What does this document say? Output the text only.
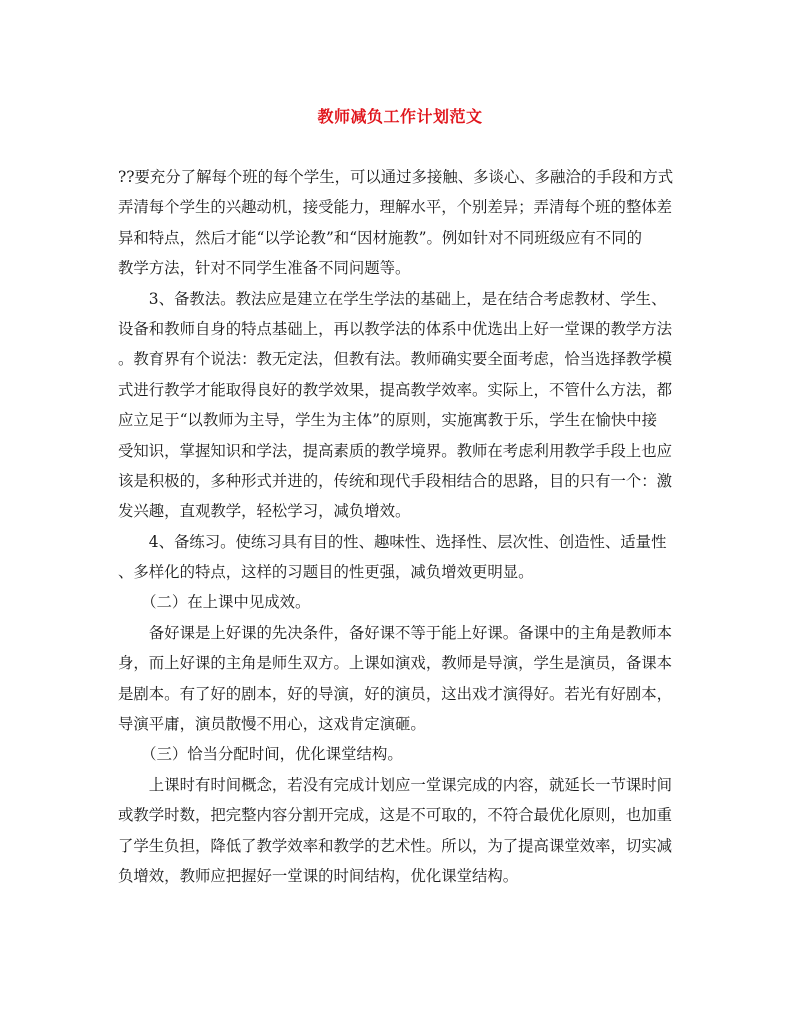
教师减负工作计划范文
??要充分了解每个班的每个学生，可以通过多接触、多谈心、多融洽的手段和方式
弄清每个学生的兴趣动机，接受能力，理解水平，个别差异；弄清每个班的整体差
异和特点，然后才能“以学论教”和“因材施教”。例如针对不同班级应有不同的
教学方法，针对不同学生准备不同问题等。
　　3、备教法。教法应是建立在学生学法的基础上，是在结合考虑教材、学生、
设备和教师自身的特点基础上，再以教学法的体系中优选出上好一堂课的教学方法
。教育界有个说法：教无定法，但教有法。教师确实要全面考虑，恰当选择教学模
式进行教学才能取得良好的教学效果，提高教学效率。实际上，不管什么方法，都
应立足于“以教师为主导，学生为主体”的原则，实施寓教于乐，学生在愉快中接
受知识，掌握知识和学法，提高素质的教学境界。教师在考虑利用教学手段上也应
该是积极的，多种形式并进的，传统和现代手段相结合的思路，目的只有一个：激
发兴趣，直观教学，轻松学习，减负增效。
　　4、备练习。使练习具有目的性、趣味性、选择性、层次性、创造性、适量性
、多样化的特点，这样的习题目的性更强，减负增效更明显。
　　（二）在上课中见成效。
　　备好课是上好课的先决条件，备好课不等于能上好课。备课中的主角是教师本
身，而上好课的主角是师生双方。上课如演戏，教师是导演，学生是演员，备课本
是剧本。有了好的剧本，好的导演，好的演员，这出戏才演得好。若光有好剧本，
导演平庸，演员散慢不用心，这戏肯定演砸。
　　（三）恰当分配时间，优化课堂结构。
　　上课时有时间概念，若没有完成计划应一堂课完成的内容，就延长一节课时间
或教学时数，把完整内容分割开完成，这是不可取的，不符合最优化原则，也加重
了学生负担，降低了教学效率和教学的艺术性。所以，为了提高课堂效率，切实减
负增效，教师应把握好一堂课的时间结构，优化课堂结构。
